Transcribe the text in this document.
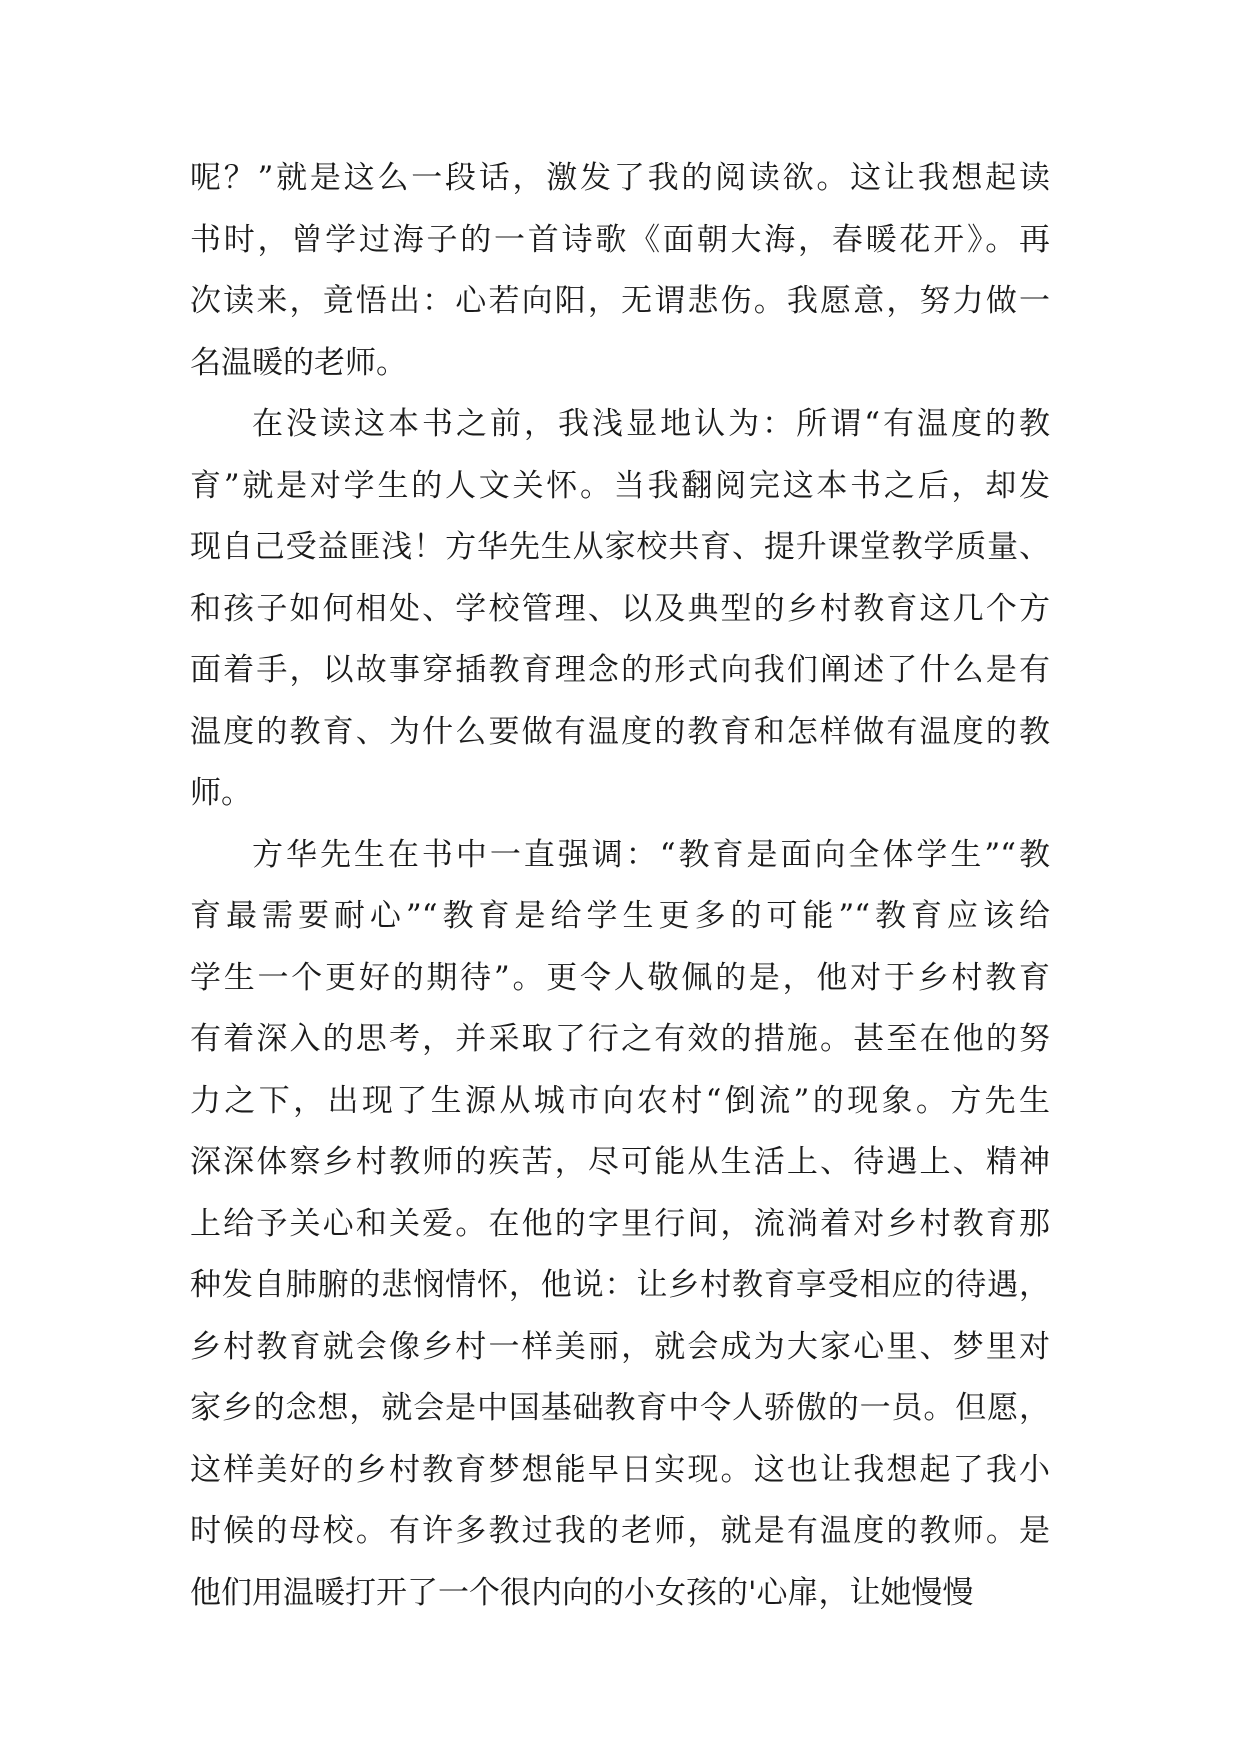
呢？”就是这么一段话，激发了我的阅读欲。这让我想起读
书时，曾学过海子的一首诗歌《面朝大海，春暖花开》。再
次读来，竟悟出：心若向阳，无谓悲伤。我愿意，努力做一
名温暖的老师。
在没读这本书之前，我浅显地认为：所谓“有温度的教
育”就是对学生的人文关怀。当我翻阅完这本书之后，却发
现自己受益匪浅！方华先生从家校共育、提升课堂教学质量、
和孩子如何相处、学校管理、以及典型的乡村教育这几个方
面着手，以故事穿插教育理念的形式向我们阐述了什么是有
温度的教育、为什么要做有温度的教育和怎样做有温度的教
师。
方华先生在书中一直强调：“教育是面向全体学生”“教
育最需要耐心”“教育是给学生更多的可能”“教育应该给
学生一个更好的期待”。更令人敬佩的是，他对于乡村教育
有着深入的思考，并采取了行之有效的措施。甚至在他的努
力之下，出现了生源从城市向农村“倒流”的现象。方先生
深深体察乡村教师的疾苦，尽可能从生活上、待遇上、精神
上给予关心和关爱。在他的字里行间，流淌着对乡村教育那
种发自肺腑的悲悯情怀，他说：让乡村教育享受相应的待遇，
乡村教育就会像乡村一样美丽，就会成为大家心里、梦里对
家乡的念想，就会是中国基础教育中令人骄傲的一员。但愿，
这样美好的乡村教育梦想能早日实现。这也让我想起了我小
时候的母校。有许多教过我的老师，就是有温度的教师。是
他们用温暖打开了一个很内向的小女孩的'心扉，让她慢慢
